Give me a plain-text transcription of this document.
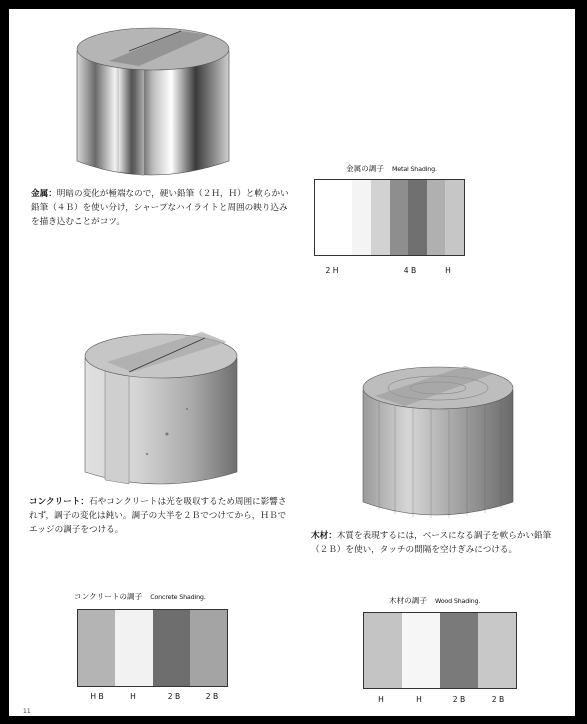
金属：明暗の変化が極端なので，硬い鉛筆（２Ｈ，Ｈ）と軟らかい鉛筆（４Ｂ）を使い分け，シャープなハイライトと周囲の映り込みを描き込むことがコツ。
金属の調子 Metal Shading.
2 H	4 B	H
コンクリート：石やコンクリートは光を吸収するため周囲に影響されず，調子の変化は鈍い。調子の大半を２Ｂでつけてから，ＨＢでエッジの調子をつける。
木材：木質を表現するには，ベースになる調子を軟らかい鉛筆（２Ｂ）を使い，タッチの間隔を空けぎみにつける。
コンクリートの調子 Concrete Shading.
H B	H	2 B	2 B
木材の調子 Wood Shading.
H	H	2 B	2 B
11
